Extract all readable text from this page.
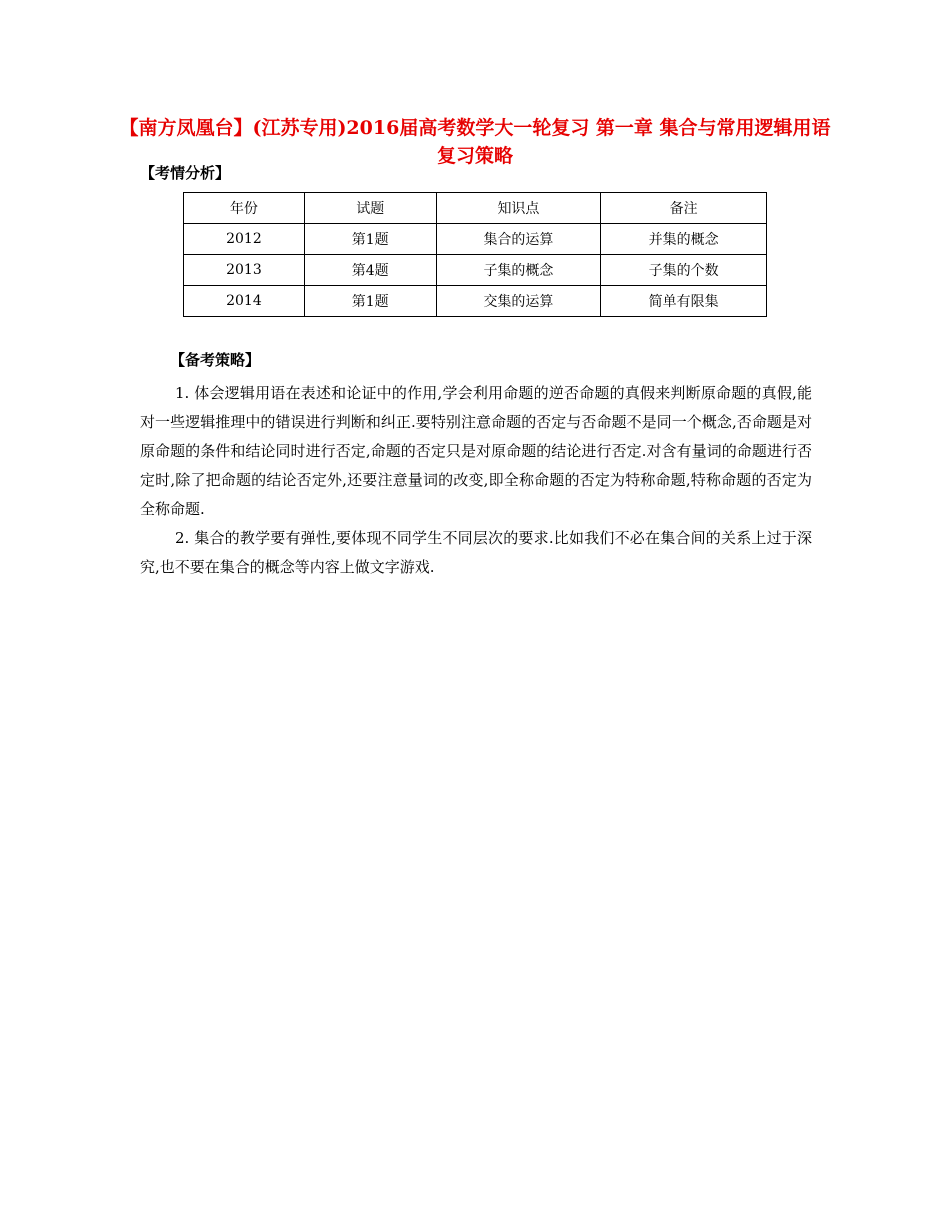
【南方凤凰台】(江苏专用)2016届高考数学大一轮复习 第一章 集合与常用逻辑用语复习策略
【考情分析】
年份	试题	知识点	备注
2012	第1题	集合的运算	并集的概念
2013	第4题	子集的概念	子集的个数
2014	第1题	交集的运算	简单有限集
【备考策略】

1. 体会逻辑用语在表述和论证中的作用,学会利用命题的逆否命题的真假来判断原命题的真假,能对一些逻辑推理中的错误进行判断和纠正.要特别注意命题的否定与否命题不是同一个概念,否命题是对原命题的条件和结论同时进行否定,命题的否定只是对原命题的结论进行否定.对含有量词的命题进行否定时,除了把命题的结论否定外,还要注意量词的改变,即全称命题的否定为特称命题,特称命题的否定为全称命题.

2. 集合的教学要有弹性,要体现不同学生不同层次的要求.比如我们不必在集合间的关系上过于深究,也不要在集合的概念等内容上做文字游戏.
